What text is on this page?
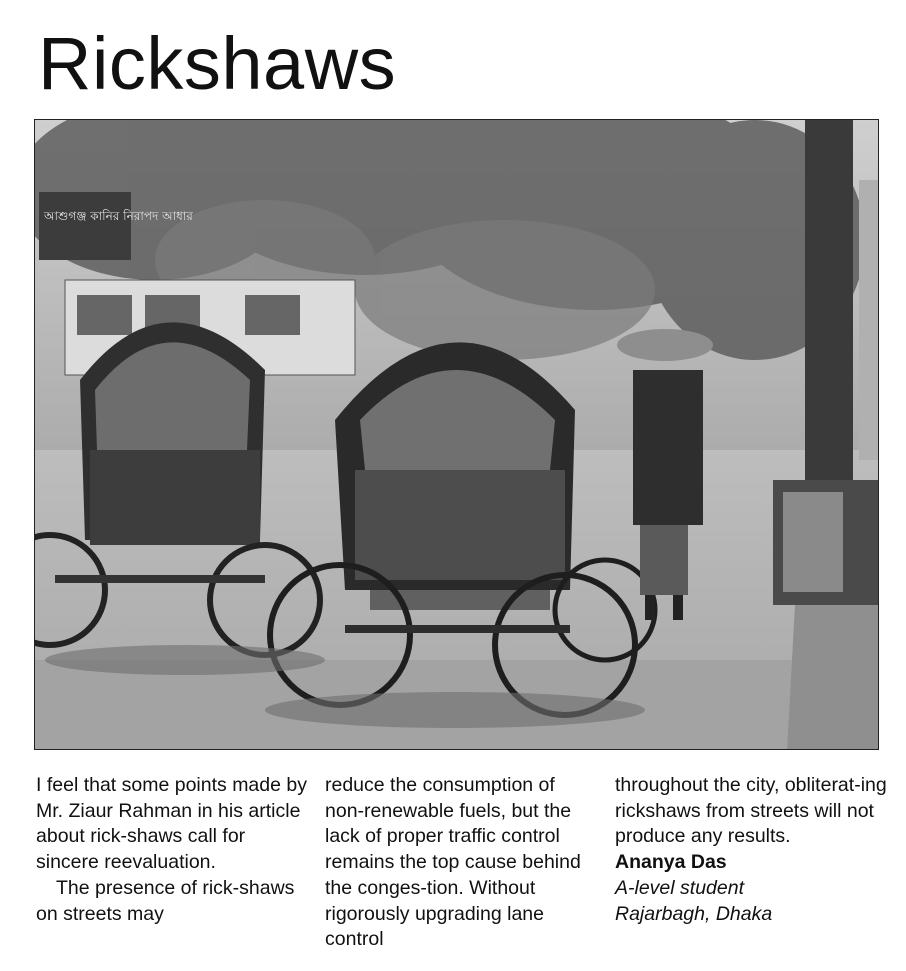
Rickshaws
আশুগঞ্জ কানির নিরাপদ আধার

I feel that some points made by Mr. Ziaur Rahman in his article about rick-shaws call for sincere reevaluation.

The presence of rick-shaws on streets may

reduce the consumption of non-renewable fuels, but the lack of proper traffic control remains the top cause behind the conges-tion. Without rigorously upgrading lane control

throughout the city, obliterat-ing rickshaws from streets will not produce any results.

Ananya Das

A-level student

Rajarbagh, Dhaka
